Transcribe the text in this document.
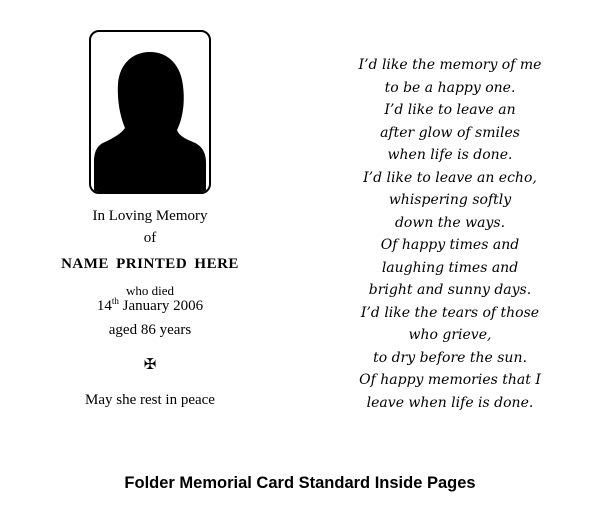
In Loving Memory
of
NAME PRINTED HERE
who died
14th January 2006
aged 86 years
✠
May she rest in peace
I’d like the memory of me
to be a happy one.
I’d like to leave an
after glow of smiles
when life is done.
I’d like to leave an echo,
whispering softly
down the ways.
Of happy times and
laughing times and
bright and sunny days.
I’d like the tears of those
who grieve,
to dry before the sun.
Of happy memories that I
leave when life is done.
Folder Memorial Card Standard Inside Pages
